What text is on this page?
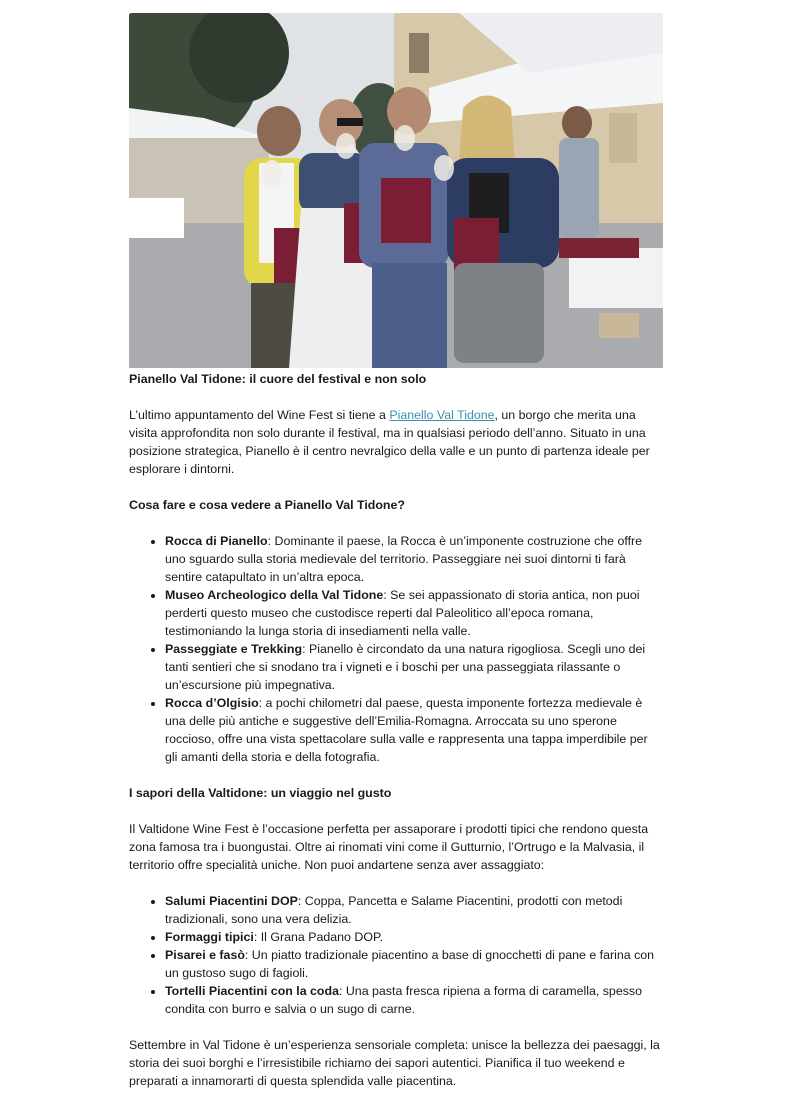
Pianello Val Tidone: il cuore del festival e non solo

L’ultimo appuntamento del Wine Fest si tiene a Pianello Val Tidone, un borgo che merita una visita approfondita non solo durante il festival, ma in qualsiasi periodo dell’anno. Situato in una posizione strategica, Pianello è il centro nevralgico della valle e un punto di partenza ideale per esplorare i dintorni.

Cosa fare e cosa vedere a Pianello Val Tidone?
• Rocca di Pianello: Dominante il paese, la Rocca è un’imponente costruzione che offre uno sguardo sulla storia medievale del territorio. Passeggiare nei suoi dintorni ti farà sentire catapultato in un’altra epoca.
• Museo Archeologico della Val Tidone: Se sei appassionato di storia antica, non puoi perderti questo museo che custodisce reperti dal Paleolitico all’epoca romana, testimoniando la lunga storia di insediamenti nella valle.
• Passeggiate e Trekking: Pianello è circondato da una natura rigogliosa. Scegli uno dei tanti sentieri che si snodano tra i vigneti e i boschi per una passeggiata rilassante o un’escursione più impegnativa.
• Rocca d’Olgisio: a pochi chilometri dal paese, questa imponente fortezza medievale è una delle più antiche e suggestive dell’Emilia-Romagna. Arroccata su uno sperone roccioso, offre una vista spettacolare sulla valle e rappresenta una tappa imperdibile per gli amanti della storia e della fotografia.
I sapori della Valtidone: un viaggio nel gusto

Il Valtidone Wine Fest è l’occasione perfetta per assaporare i prodotti tipici che rendono questa zona famosa tra i buongustai. Oltre ai rinomati vini come il Gutturnio, l’Ortrugo e la Malvasia, il territorio offre specialità uniche. Non puoi andartene senza aver assaggiato:

• Salumi Piacentini DOP: Coppa, Pancetta e Salame Piacentini, prodotti con metodi tradizionali, sono una vera delizia.
• Formaggi tipici: Il Grana Padano DOP.
• Pisarei e fasò: Un piatto tradizionale piacentino a base di gnocchetti di pane e farina con un gustoso sugo di fagioli.
• Tortelli Piacentini con la coda: Una pasta fresca ripiena a forma di caramella, spesso condita con burro e salvia o un sugo di carne.

Settembre in Val Tidone è un’esperienza sensoriale completa: unisce la bellezza dei paesaggi, la storia dei suoi borghi e l’irresistibile richiamo dei sapori autentici. Pianifica il tuo weekend e preparati a innamorarti di questa splendida valle piacentina.
